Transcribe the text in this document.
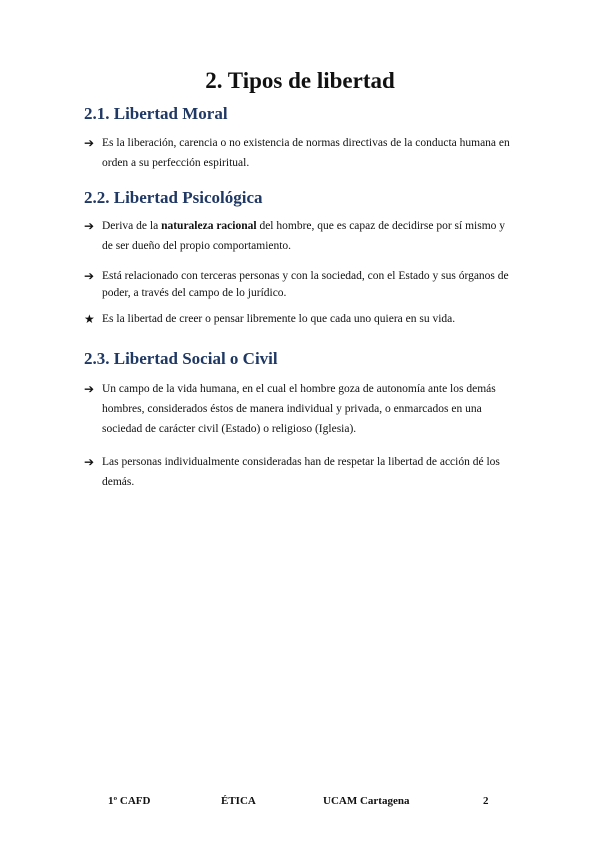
2. Tipos de libertad
2.1. Libertad Moral
➔ Es la liberación, carencia o no existencia de normas directivas de la conducta humana en orden a su perfección espiritual.
2.2. Libertad Psicológica
➔ Deriva de la naturaleza racional del hombre, que es capaz de decidirse por sí mismo y de ser dueño del propio comportamiento.
➔ Está relacionado con terceras personas y con la sociedad, con el Estado y sus órganos de poder, a través del campo de lo jurídico.
★ Es la libertad de creer o pensar libremente lo que cada uno quiera en su vida.
2.3. Libertad Social o Civil
➔ Un campo de la vida humana, en el cual el hombre goza de autonomía ante los demás hombres, considerados éstos de manera individual y privada, o enmarcados en una sociedad de carácter civil (Estado) o religioso (Iglesia).
➔ Las personas individualmente consideradas han de respetar la libertad de acción dé los demás.
1º CAFD	ÉTICA	UCAM Cartagena	2
